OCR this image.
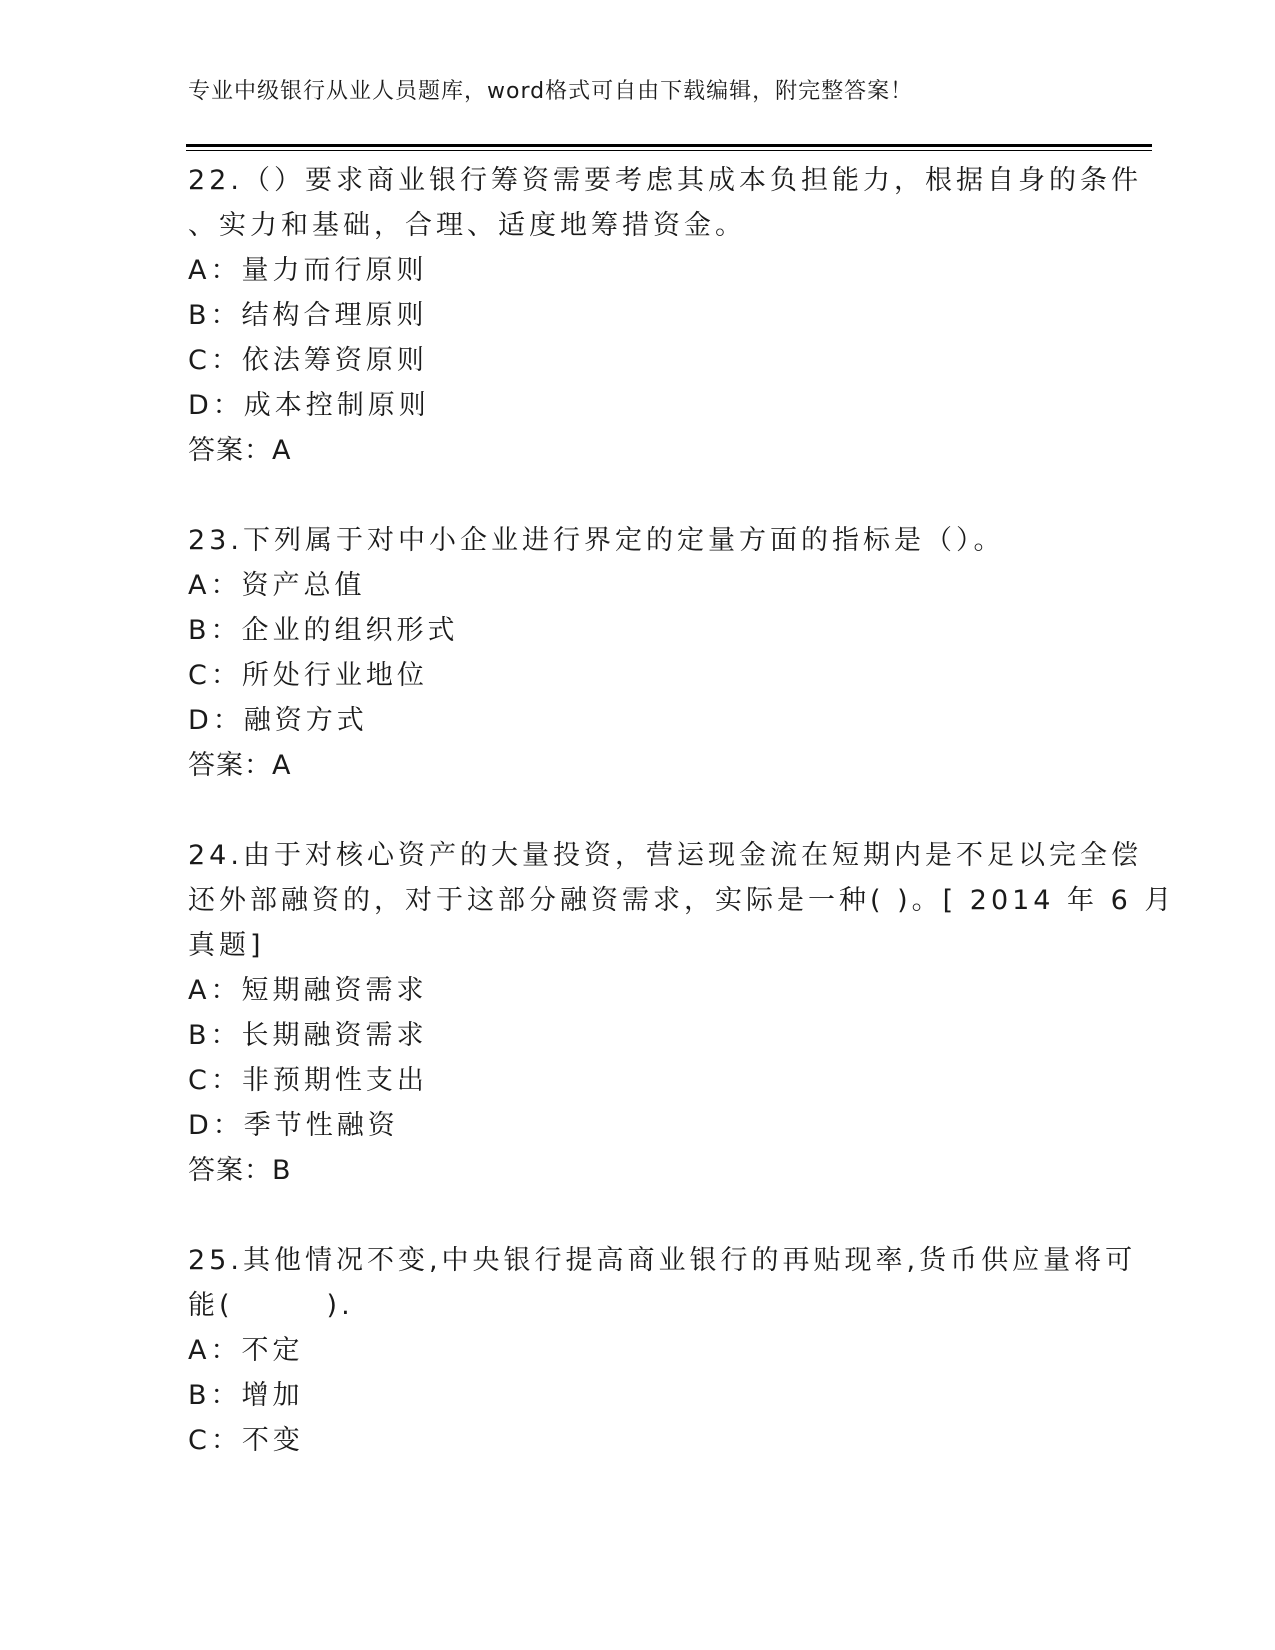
专业中级银行从业人员题库，word格式可自由下载编辑，附完整答案！
22.（）要求商业银行筹资需要考虑其成本负担能力，根据自身的条件
、实力和基础，合理、适度地筹措资金。
A：量力而行原则
B：结构合理原则
C：依法筹资原则
D：成本控制原则
答案：A
23.下列属于对中小企业进行界定的定量方面的指标是（）。
A：资产总值
B：企业的组织形式
C：所处行业地位
D：融资方式
答案：A
24.由于对核心资产的大量投资，营运现金流在短期内是不足以完全偿
还外部融资的，对于这部分融资需求，实际是一种( )。[ 2014 年 6 月
真题]
A：短期融资需求
B：长期融资需求
C：非预期性支出
D：季节性融资
答案：B
25.其他情况不变,中央银行提高商业银行的再贴现率,货币供应量将可
能(　　　).
A：不定
B：增加
C：不变
